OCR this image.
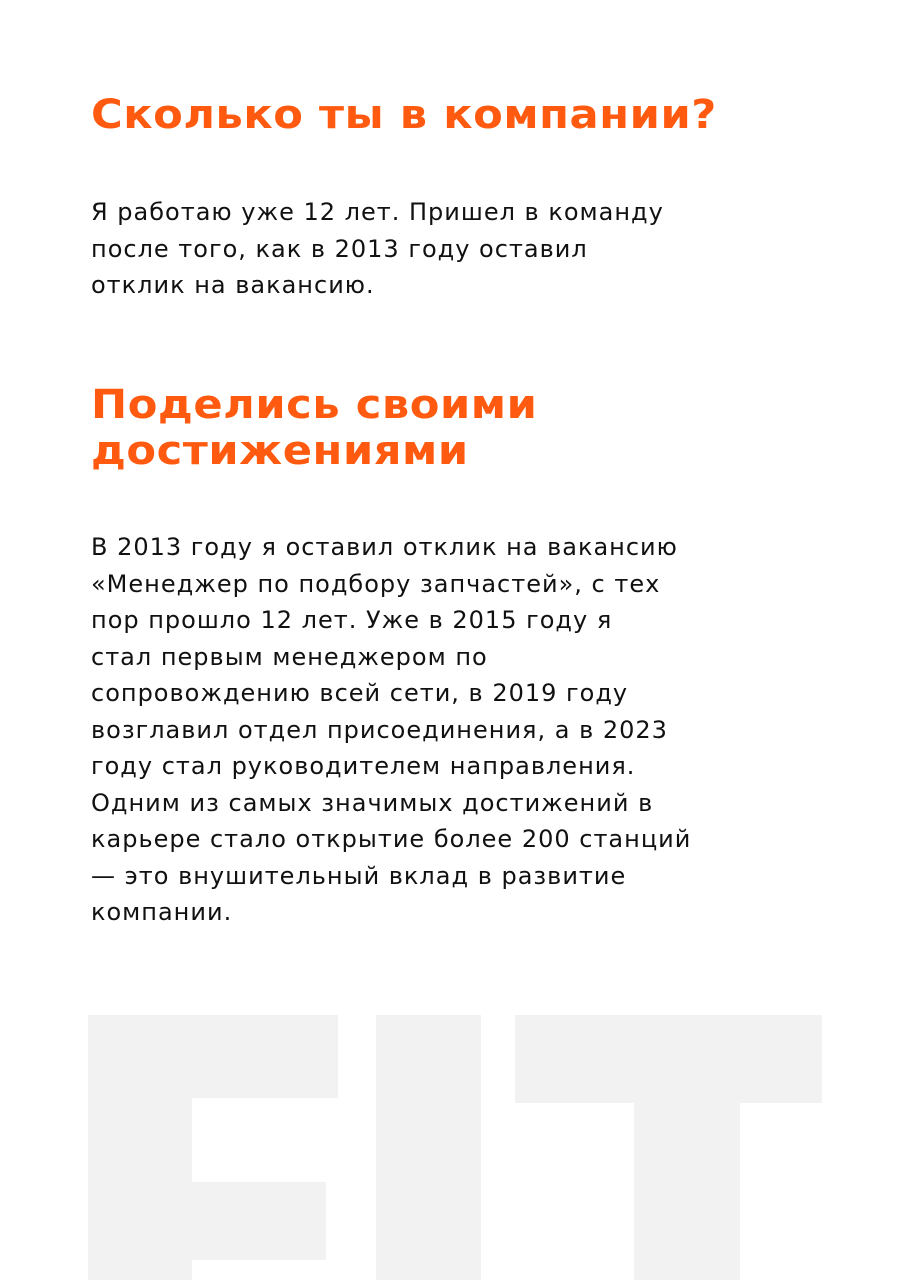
Сколько ты в компании?

Я работаю уже 12 лет. Пришел в команду
после того, как в 2013 году оставил
отклик на вакансию.

Поделись своими
достижениями

В 2013 году я оставил отклик на вакансию
«Менеджер по подбору запчастей», с тех
пор прошло 12 лет. Уже в 2015 году я
стал первым менеджером по
сопровождению всей сети, в 2019 году
возглавил отдел присоединения, а в 2023
году стал руководителем направления.
Одним из самых значимых достижений в
карьере стало открытие более 200 станций
— это внушительный вклад в развитие
компании.
